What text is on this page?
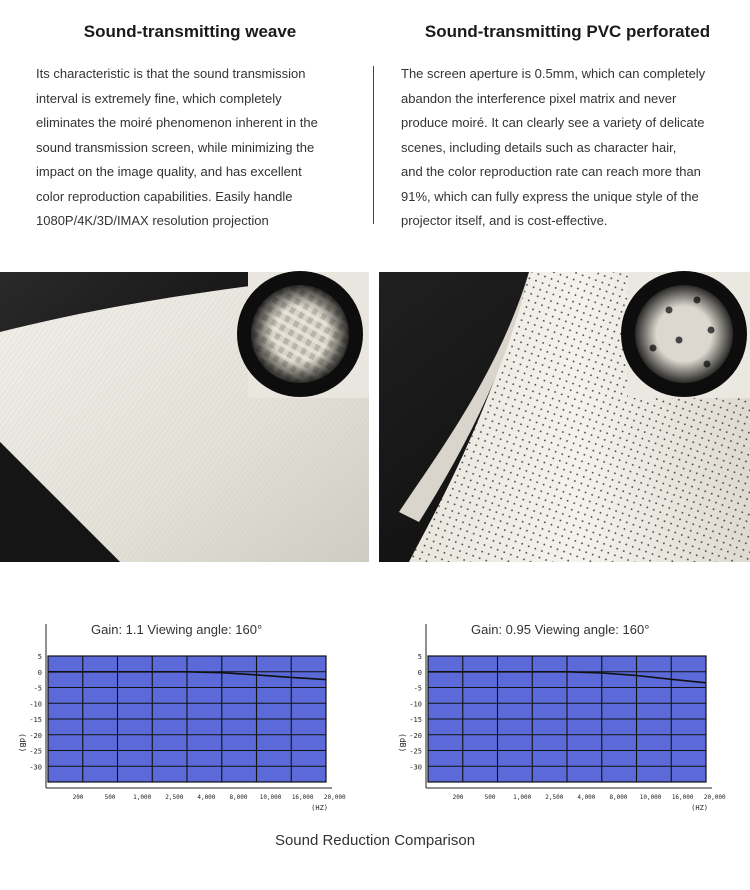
Sound-transmitting weave	Sound-transmitting PVC perforated
Its characteristic is that the sound transmission
interval is extremely fine, which completely
eliminates the moiré phenomenon inherent in the
sound transmission screen, while minimizing the
impact on the image quality, and has excellent
color reproduction capabilities. Easily handle
1080P/4K/3D/IMAX resolution projection
The screen aperture is 0.5mm, which can completely
abandon the interference pixel matrix and never
produce moiré. It can clearly see a variety of delicate
scenes, including details such as character hair,
and the color reproduction rate can reach more than
91%, which can fully express the unique style of the
projector itself, and is cost-effective.
5
0
-5
-10
-15
-20
-25
-30
(dB)
200	500	1,000 2,500 4,000 8,000 10,000 16,000 20,000
(HZ)
Gain: 1.1 Viewing angle: 160°
5
0
-5
-10
-15
-20
-25
-30
(dB)
200	500	1,000 2,500 4,000 8,000 10,000 16,000 20,000
(HZ)
Gain: 0.95 Viewing angle: 160°
Sound Reduction Comparison
